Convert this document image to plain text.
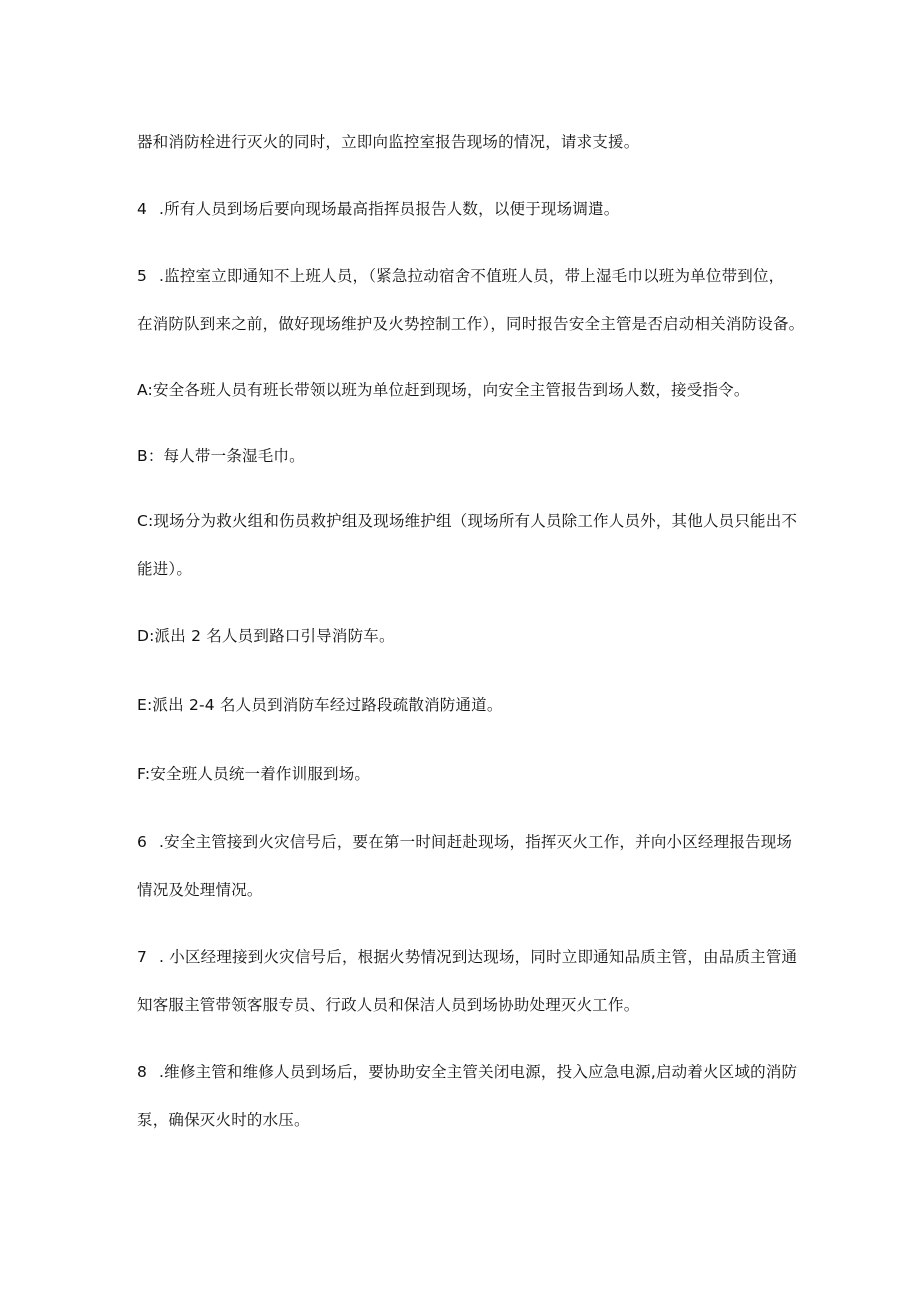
器和消防栓进行灭火的同时，立即向监控室报告现场的情况，请求支援。
4 .所有人员到场后要向现场最高指挥员报告人数，以便于现场调遣。
5 .监控室立即通知不上班人员，（紧急拉动宿舍不值班人员，带上湿毛巾以班为单位带到位，
在消防队到来之前，做好现场维护及火势控制工作），同时报告安全主管是否启动相关消防设备。
A:安全各班人员有班长带领以班为单位赶到现场，向安全主管报告到场人数，接受指令。
B：每人带一条湿毛巾。
C:现场分为救火组和伤员救护组及现场维护组（现场所有人员除工作人员外，其他人员只能出不
能进）。
D:派出 2 名人员到路口引导消防车。
E:派出 2-4 名人员到消防车经过路段疏散消防通道。
F:安全班人员统一着作训服到场。
6 .安全主管接到火灾信号后，要在第一时间赶赴现场，指挥灭火工作，并向小区经理报告现场
情况及处理情况。
7 . 小区经理接到火灾信号后，根据火势情况到达现场，同时立即通知品质主管，由品质主管通
知客服主管带领客服专员、行政人员和保洁人员到场协助处理灭火工作。
8 .维修主管和维修人员到场后，要协助安全主管关闭电源，投入应急电源,启动着火区域的消防
泵，确保灭火时的水压。
